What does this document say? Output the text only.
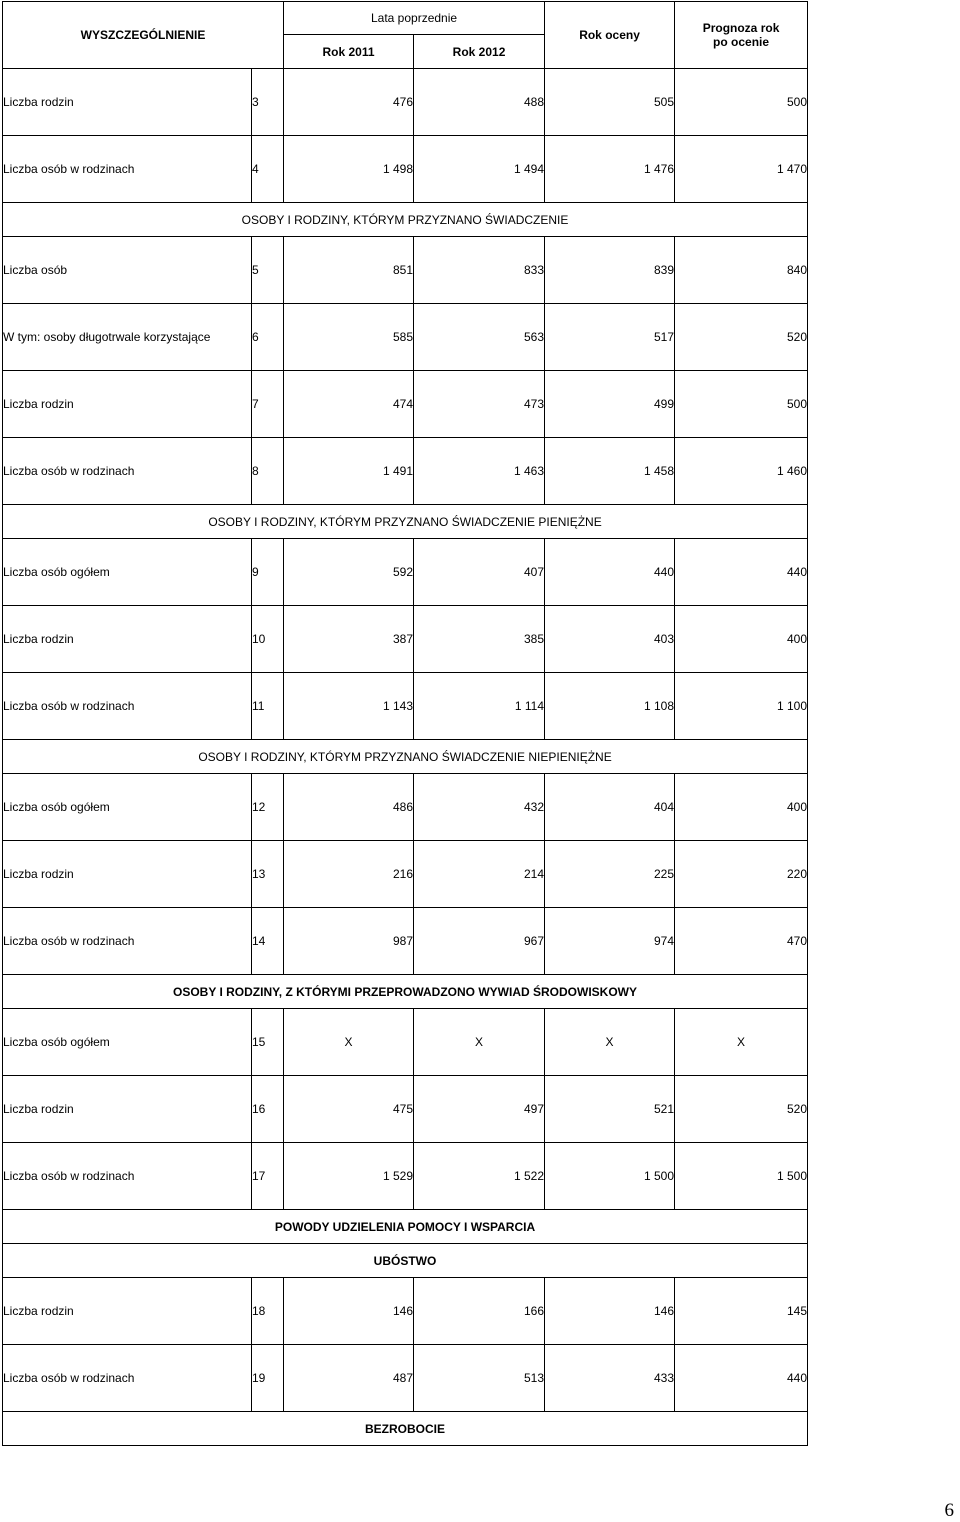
WYSZCZEGÓLNIENIE		Lata poprzednie		Rok oceny	Prognoza rok
po ocenie
		Rok 2011	Rok 2012		
Liczba rodzin	3	476	488	505	500
Liczba osób w rodzinach	4	1 498	1 494	1 476	1 470
OSOBY I RODZINY, KTÓRYM PRZYZNANO ŚWIADCZENIE					
Liczba osób	5	851	833	839	840
W tym: osoby długotrwale korzystające	6	585	563	517	520
Liczba rodzin	7	474	473	499	500
Liczba osób w rodzinach	8	1 491	1 463	1 458	1 460
OSOBY I RODZINY, KTÓRYM PRZYZNANO ŚWIADCZENIE PIENIĘŻNE					
Liczba osób ogółem	9	592	407	440	440
Liczba rodzin	10	387	385	403	400
Liczba osób w rodzinach	11	1 143	1 114	1 108	1 100
OSOBY I RODZINY, KTÓRYM PRZYZNANO ŚWIADCZENIE NIEPIENIĘŻNE					
Liczba osób ogółem	12	486	432	404	400
Liczba rodzin	13	216	214	225	220
Liczba osób w rodzinach	14	987	967	974	470
OSOBY I RODZINY, Z KTÓRYMI PRZEPROWADZONO WYWIAD ŚRODOWISKOWY					
Liczba osób ogółem	15	X	X	X	X
Liczba rodzin	16	475	497	521	520
Liczba osób w rodzinach	17	1 529	1 522	1 500	1 500
POWODY UDZIELENIA POMOCY I WSPARCIA					
UBÓSTWO					
Liczba rodzin	18	146	166	146	145
Liczba osób w rodzinach	19	487	513	433	440
BEZROBOCIE					
6
